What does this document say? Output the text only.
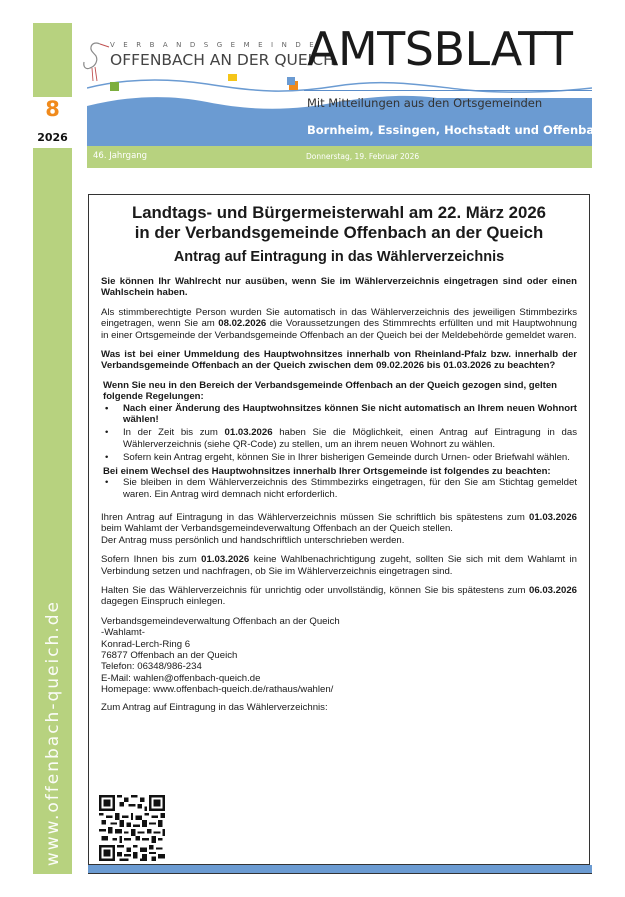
8
2026
www.offenbach-queich.de
VERBANDSGEMEINDE
OFFENBACH AN DER QUEICH
AMTSBLATT
Mit Mitteilungen aus den Ortsgemeinden
Bornheim, Essingen, Hochstadt und Offenbach
46. Jahrgang	Donnerstag, 19. Februar 2026
Landtags- und Bürgermeisterwahl am 22. März 2026
in der Verbandsgemeinde Offenbach an der Queich
Antrag auf Eintragung in das Wählerverzeichnis

Sie können Ihr Wahlrecht nur ausüben, wenn Sie im Wählerverzeichnis eingetragen sind oder einen Wahlschein haben.

Als stimmberechtigte Person wurden Sie automatisch in das Wählerverzeichnis des jeweiligen Stimmbezirks eingetragen, wenn Sie am 08.02.2026 die Voraussetzungen des Stimmrechts erfüllten und mit Hauptwohnung in einer Ortsgemeinde der Verbandsgemeinde Offenbach an der Queich bei der Meldebehörde gemeldet waren.

Was ist bei einer Ummeldung des Hauptwohnsitzes innerhalb von Rheinland-Pfalz bzw. innerhalb der Verbandsgemeinde Offenbach an der Queich zwischen dem 09.02.2026 bis 01.03.2026 zu beachten?

Wenn Sie neu in den Bereich der Verbandsgemeinde Offenbach an der Queich gezogen sind, gelten folgende Regelungen:
• Nach einer Änderung des Hauptwohnsitzes können Sie nicht automatisch an Ihrem neuen Wohnort wählen!
• In der Zeit bis zum 01.03.2026 haben Sie die Möglichkeit, einen Antrag auf Eintragung in das Wählerverzeichnis (siehe QR-Code) zu stellen, um an ihrem neuen Wohnort zu wählen.
• Sofern kein Antrag ergeht, können Sie in Ihrer bisherigen Gemeinde durch Urnen- oder Briefwahl wählen.
Bei einem Wechsel des Hauptwohnsitzes innerhalb Ihrer Ortsgemeinde ist folgendes zu beachten:
• Sie bleiben in dem Wählerverzeichnis des Stimmbezirks eingetragen, für den Sie am Stichtag gemeldet waren. Ein Antrag wird demnach nicht erforderlich.

Ihren Antrag auf Eintragung in das Wählerverzeichnis müssen Sie schriftlich bis spätestens zum 01.03.2026 beim Wahlamt der Verbandsgemeindeverwaltung Offenbach an der Queich stellen.
Der Antrag muss persönlich und handschriftlich unterschrieben werden.

Sofern Ihnen bis zum 01.03.2026 keine Wahlbenachrichtigung zugeht, sollten Sie sich mit dem Wahlamt in Verbindung setzen und nachfragen, ob Sie im Wählerverzeichnis eingetragen sind.

Halten Sie das Wählerverzeichnis für unrichtig oder unvollständig, können Sie bis spätestens zum 06.03.2026 dagegen Einspruch einlegen.

Verbandsgemeindeverwaltung Offenbach an der Queich
-Wahlamt-
Konrad-Lerch-Ring 6
76877 Offenbach an der Queich
Telefon: 06348/986-234
E-Mail: wahlen@offenbach-queich.de
Homepage: www.offenbach-queich.de/rathaus/wahlen/

Zum Antrag auf Eintragung in das Wählerverzeichnis:
